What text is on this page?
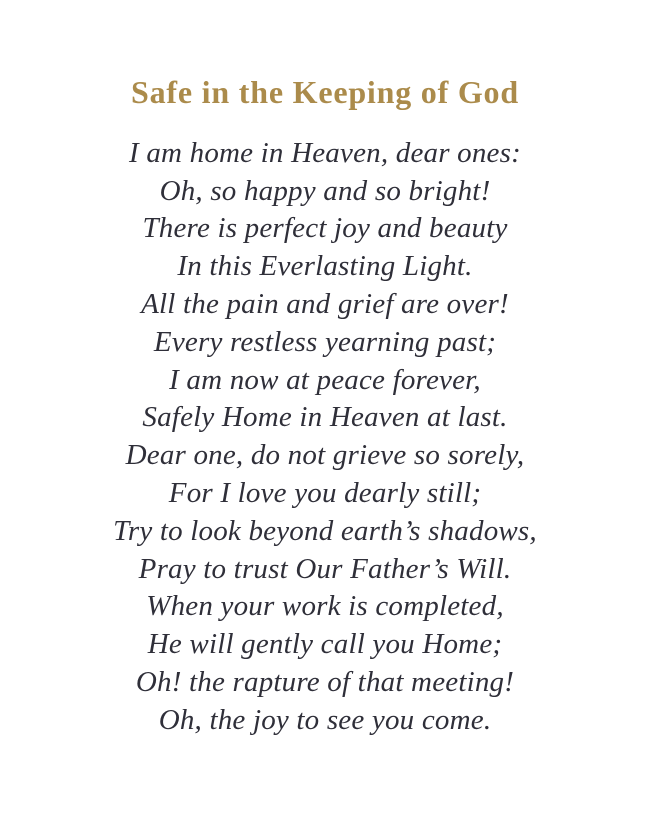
Safe in the Keeping of God
I am home in Heaven, dear ones:
Oh, so happy and so bright!
There is perfect joy and beauty
In this Everlasting Light.
All the pain and grief are over!
Every restless yearning past;
I am now at peace forever,
Safely Home in Heaven at last.
Dear one, do not grieve so sorely,
For I love you dearly still;
Try to look beyond earth’s shadows,
Pray to trust Our Father’s Will.
When your work is completed,
He will gently call you Home;
Oh! the rapture of that meeting!
Oh, the joy to see you come.
